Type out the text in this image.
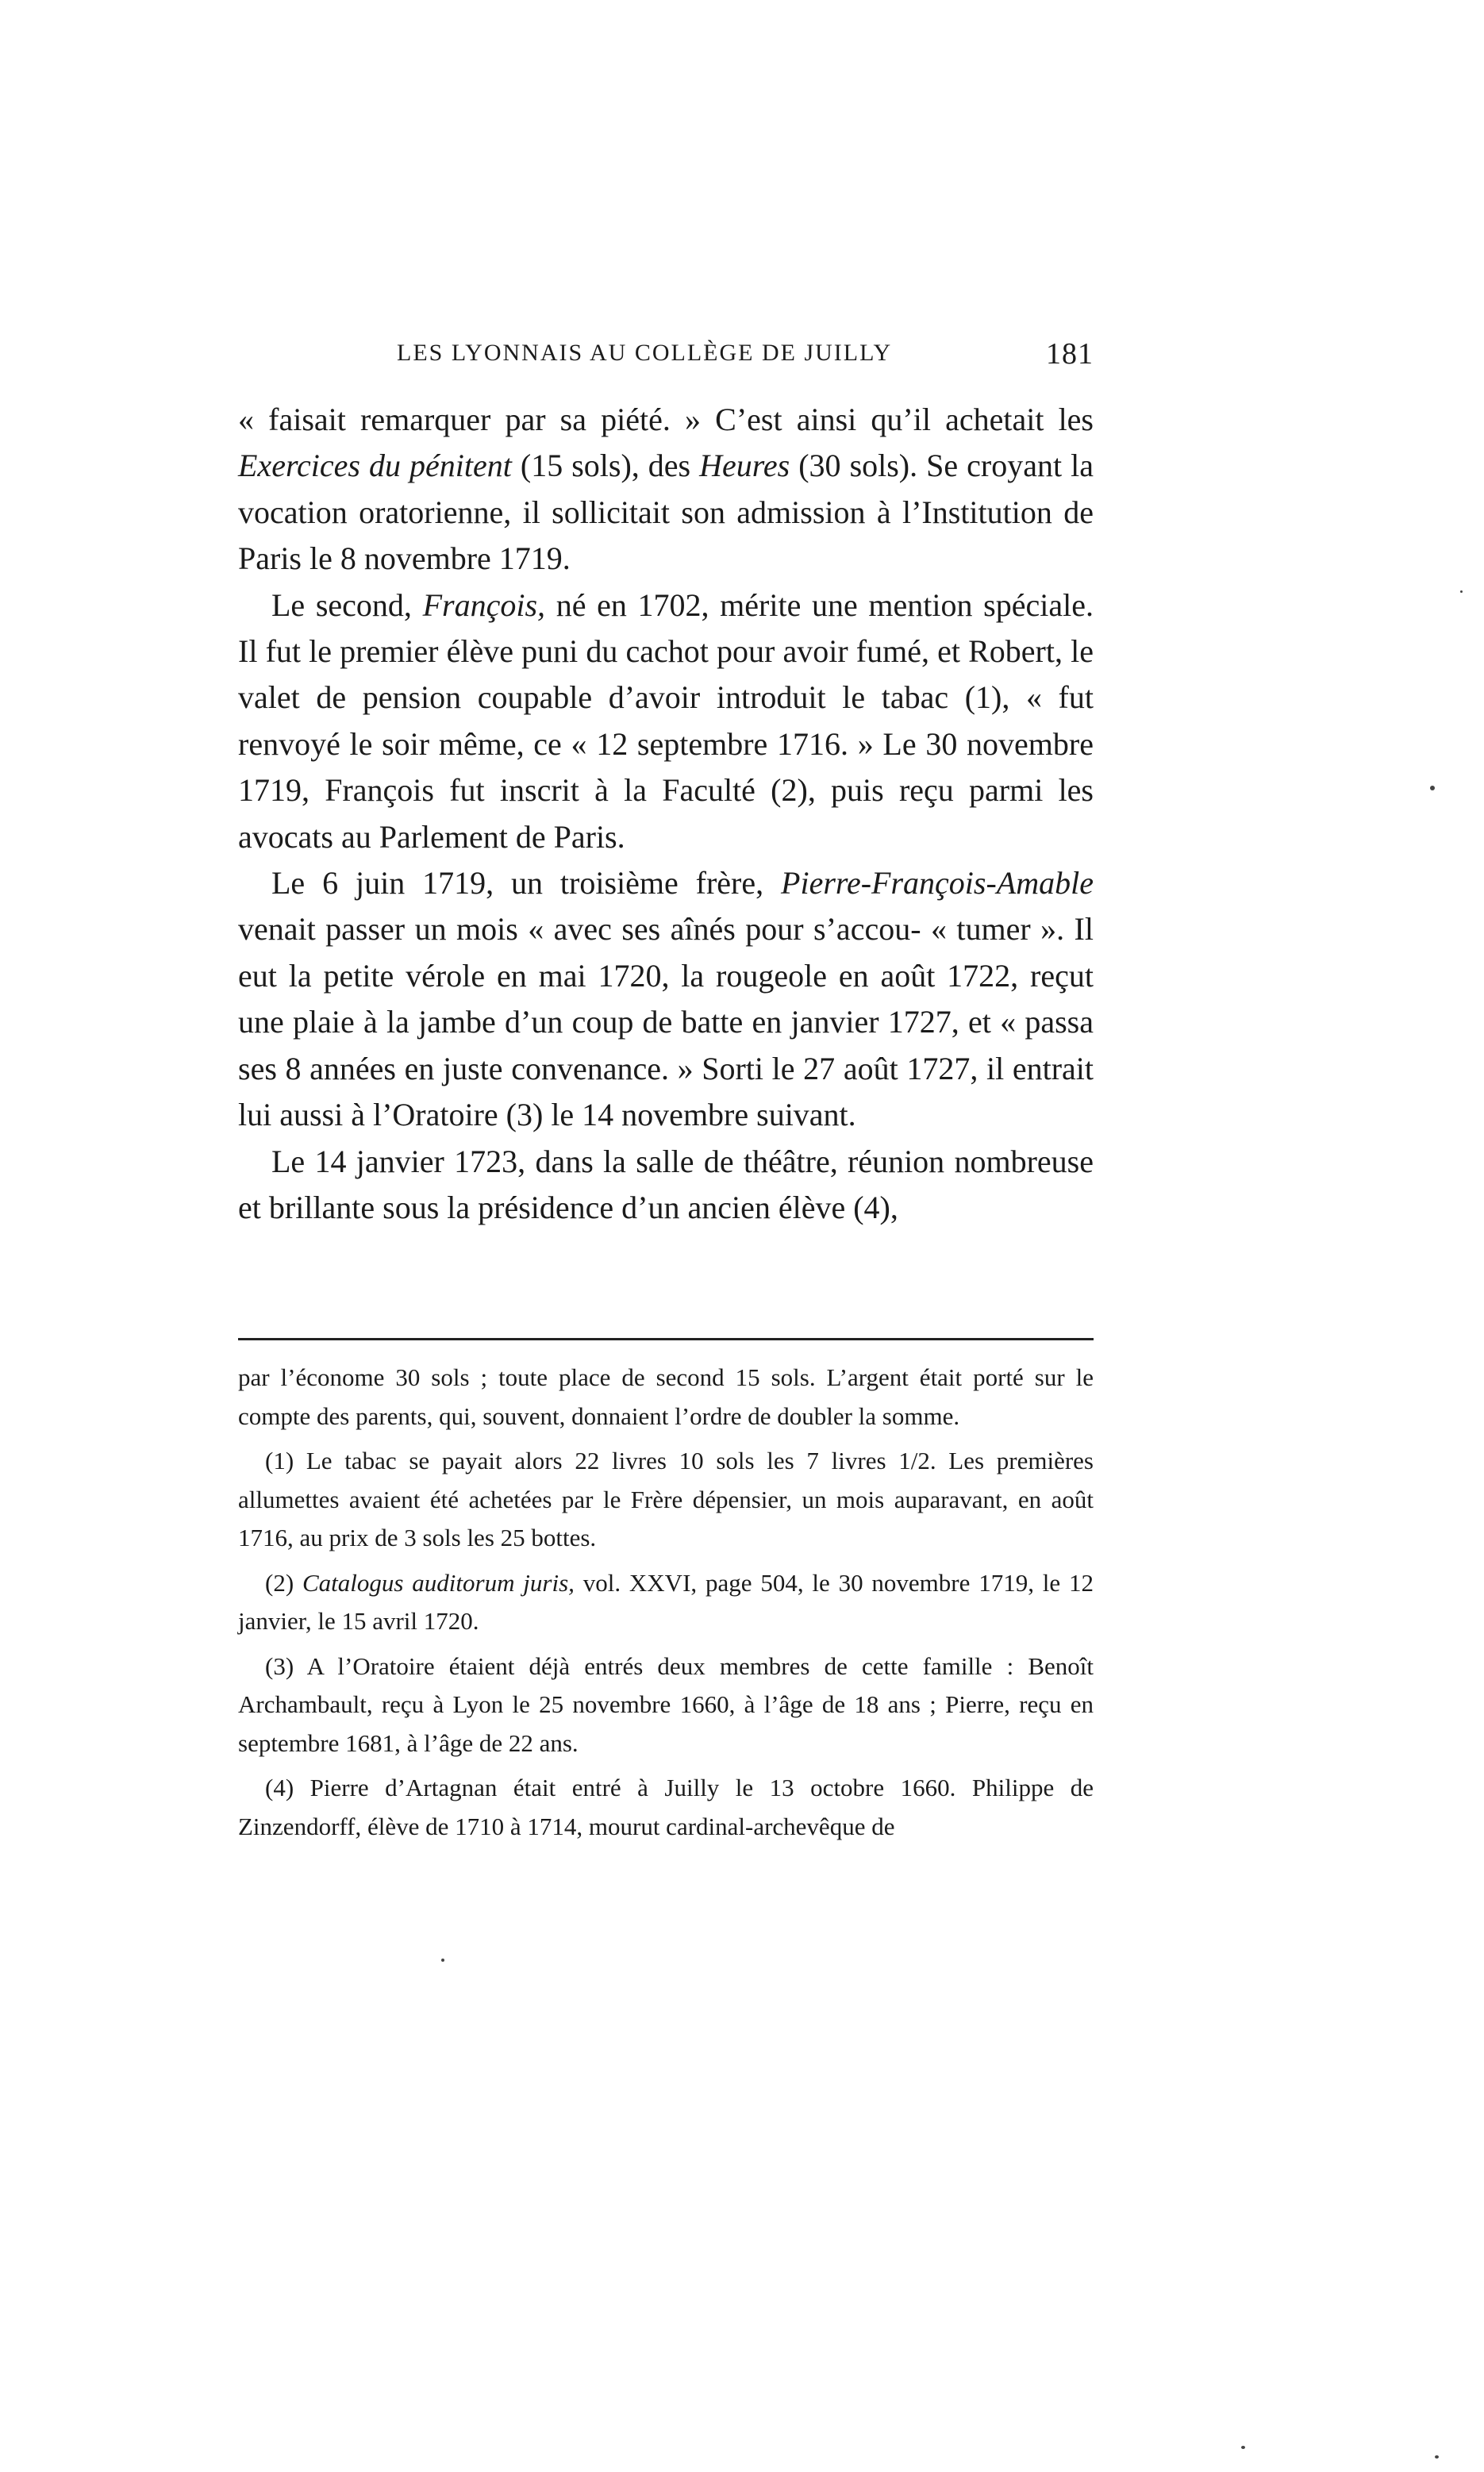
LES LYONNAIS AU COLLÈGE DE JUILLY	181

« faisait remarquer par sa piété. » C’est ainsi qu’il achetait les Exercices du pénitent (15 sols), des Heures (30 sols). Se croyant la vocation oratorienne, il sollicitait son admission à l’Institution de Paris le 8 novembre 1719.

Le second, François, né en 1702, mérite une mention spéciale. Il fut le premier élève puni du cachot pour avoir fumé, et Robert, le valet de pension coupable d’avoir introduit le tabac (1), « fut renvoyé le soir même, ce « 12 septembre 1716. » Le 30 novembre 1719, François fut inscrit à la Faculté (2), puis reçu parmi les avocats au Parlement de Paris.

Le 6 juin 1719, un troisième frère, Pierre-François-Amable venait passer un mois « avec ses aînés pour s’accou- « tumer ». Il eut la petite vérole en mai 1720, la rougeole en août 1722, reçut une plaie à la jambe d’un coup de batte en janvier 1727, et « passa ses 8 années en juste convenance. » Sorti le 27 août 1727, il entrait lui aussi à l’Oratoire (3) le 14 novembre suivant.

Le 14 janvier 1723, dans la salle de théâtre, réunion nombreuse et brillante sous la présidence d’un ancien élève (4),

par l’économe 30 sols ; toute place de second 15 sols. L’argent était porté sur le compte des parents, qui, souvent, donnaient l’ordre de doubler la somme.

(1) Le tabac se payait alors 22 livres 10 sols les 7 livres 1/2. Les premières allumettes avaient été achetées par le Frère dépensier, un mois auparavant, en août 1716, au prix de 3 sols les 25 bottes.

(2) Catalogus auditorum juris, vol. XXVI, page 504, le 30 novembre 1719, le 12 janvier, le 15 avril 1720.

(3) A l’Oratoire étaient déjà entrés deux membres de cette famille : Benoît Archambault, reçu à Lyon le 25 novembre 1660, à l’âge de 18 ans ; Pierre, reçu en septembre 1681, à l’âge de 22 ans.

(4) Pierre d’Artagnan était entré à Juilly le 13 octobre 1660. Philippe de Zinzendorff, élève de 1710 à 1714, mourut cardinal-archevêque de
